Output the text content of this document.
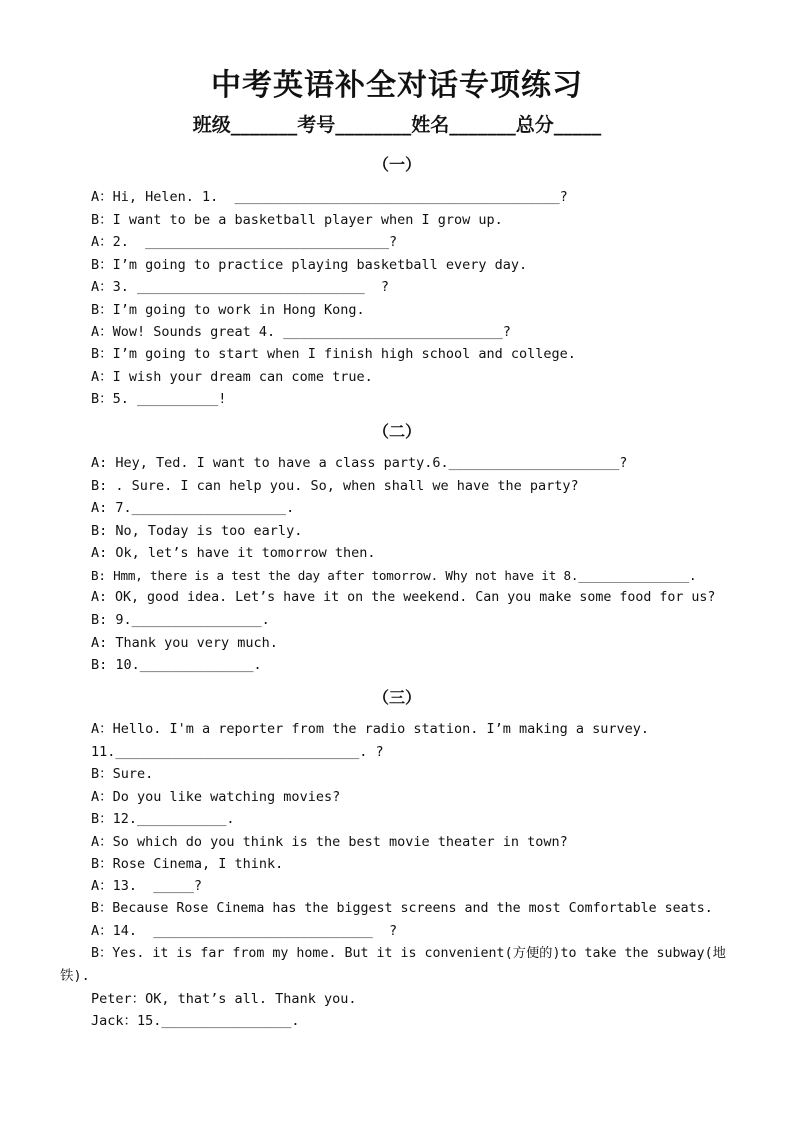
中考英语补全对话专项练习
班级_______考号________姓名_______总分_____
（一）
A：Hi, Helen. 1.  ________________________________________?
B：I want to be a basketball player when I grow up.
A：2.  ______________________________?
B：I’m going to practice playing basketball every day.
A：3. ____________________________  ?
B：I’m going to work in Hong Kong.
A：Wow! Sounds great 4. ___________________________?
B：I’m going to start when I finish high school and college.
A：I wish your dream can come true.
B：5. __________!
（二）
A: Hey, Ted. I want to have a class party.6._____________________?
B: . Sure. I can help you. So, when shall we have the party?
A: 7.___________________.
B: No, Today is too early.
A: Ok, let’s have it tomorrow then.
B: Hmm, there is a test the day after tomorrow. Why not have it 8._______________.
A: OK, good idea. Let’s have it on the weekend. Can you make some food for us?
B: 9.________________.
A: Thank you very much.
B: 10.______________.
（三）
A：Hello. I'm a reporter from the radio station. I’m making a survey.
11.______________________________. ?
B：Sure.
A：Do you like watching movies?
B：12.___________.
A：So which do you think is the best movie theater in town?
B：Rose Cinema, I think.
A：13.  _____?
B：Because Rose Cinema has the biggest screens and the most Comfortable seats.
A：14.  ___________________________  ?
B：Yes. it is far from my home. But it is convenient(方便的)to take the subway(地
铁).
Peter：OK, that’s all. Thank you.
Jack：15.________________.
